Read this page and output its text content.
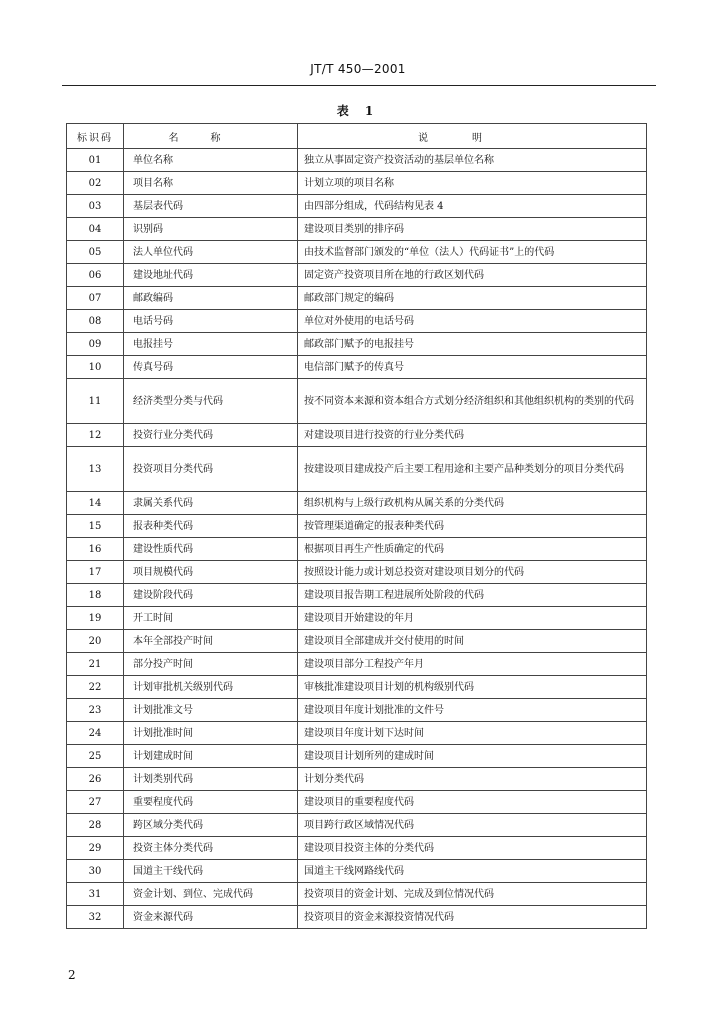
JT/T 450—2001
表 1
标识码	名称	说明
01	单位名称	独立从事固定资产投资活动的基层单位名称
02	项目名称	计划立项的项目名称
03	基层表代码	由四部分组成，代码结构见表 4
04	识别码	建设项目类别的排序码
05	法人单位代码	由技术监督部门颁发的“单位（法人）代码证书”上的代码
06	建设地址代码	固定资产投资项目所在地的行政区划代码
07	邮政编码	邮政部门规定的编码
08	电话号码	单位对外使用的电话号码
09	电报挂号	邮政部门赋予的电报挂号
10	传真号码	电信部门赋予的传真号
11	经济类型分类与代码	按不同资本来源和资本组合方式划分经济组织和其他组织机构的类别的代码
12	投资行业分类代码	对建设项目进行投资的行业分类代码
13	投资项目分类代码	按建设项目建成投产后主要工程用途和主要产品种类划分的项目分类代码
14	隶属关系代码	组织机构与上级行政机构从属关系的分类代码
15	报表种类代码	按管理渠道确定的报表种类代码
16	建设性质代码	根据项目再生产性质确定的代码
17	项目规模代码	按照设计能力或计划总投资对建设项目划分的代码
18	建设阶段代码	建设项目报告期工程进展所处阶段的代码
19	开工时间	建设项目开始建设的年月
20	本年全部投产时间	建设项目全部建成并交付使用的时间
21	部分投产时间	建设项目部分工程投产年月
22	计划审批机关级别代码	审核批准建设项目计划的机构级别代码
23	计划批准文号	建设项目年度计划批准的文件号
24	计划批准时间	建设项目年度计划下达时间
25	计划建成时间	建设项目计划所列的建成时间
26	计划类别代码	计划分类代码
27	重要程度代码	建设项目的重要程度代码
28	跨区域分类代码	项目跨行政区域情况代码
29	投资主体分类代码	建设项目投资主体的分类代码
30	国道主干线代码	国道主干线网路线代码
31	资金计划、到位、完成代码	投资项目的资金计划、完成及到位情况代码
32	资金来源代码	投资项目的资金来源投资情况代码
2
